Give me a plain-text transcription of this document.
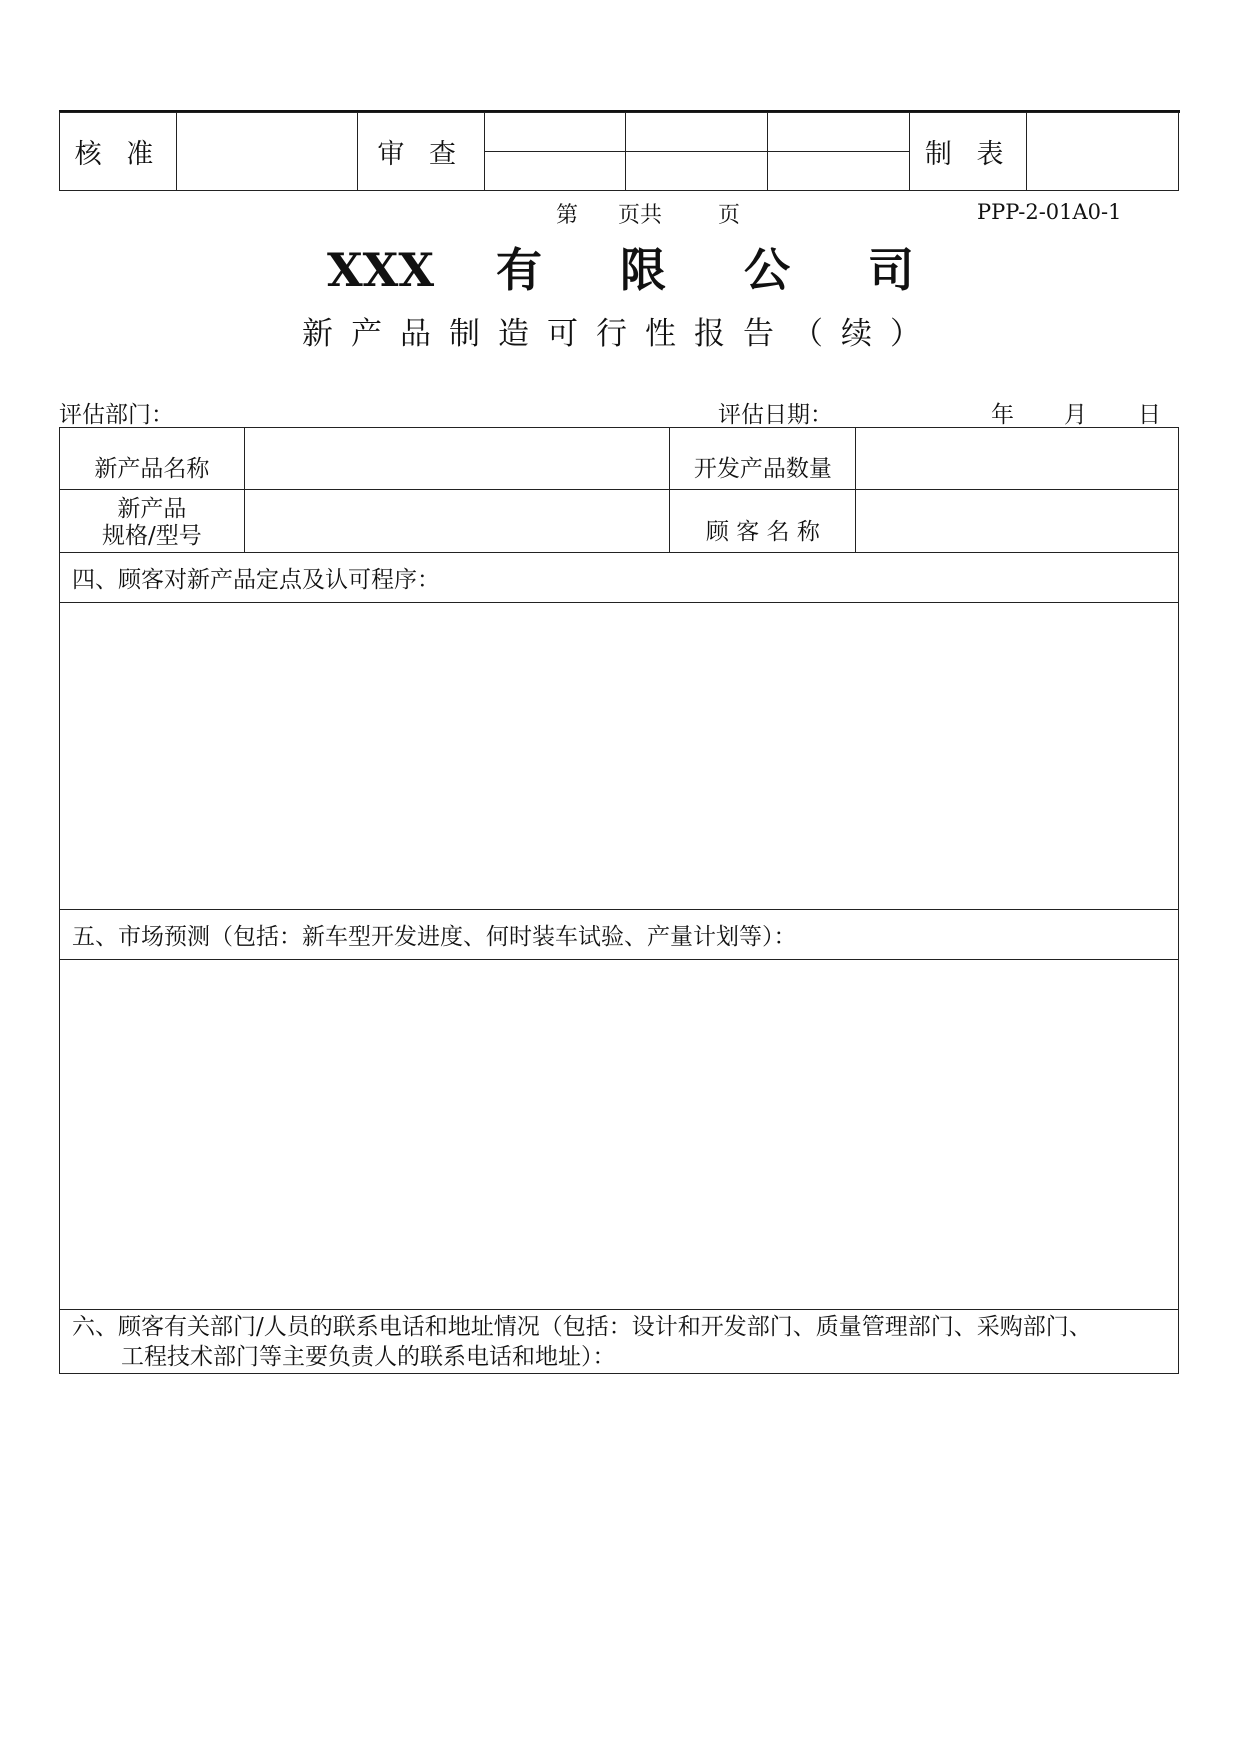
核 准		审 查				制 表	

第 页共	页	PPP-2-01A0-1
XXX 有 限 公 司
新产品制造可行性报告（续）
评估部门：	评估日期：	年 月 日
新产品名称		开发产品数量	

新产品
规格/型号		顾 客 名 称	
四、顾客对新产品定点及认可程序：			

五、市场预测（包括：新车型开发进度、何时装车试验、产量计划等）：			

六、顾客有关部门/人员的联系电话和地址情况（包括：设计和开发部门、质量管理部门、采购部门、
工程技术部门等主要负责人的联系电话和地址）：			
